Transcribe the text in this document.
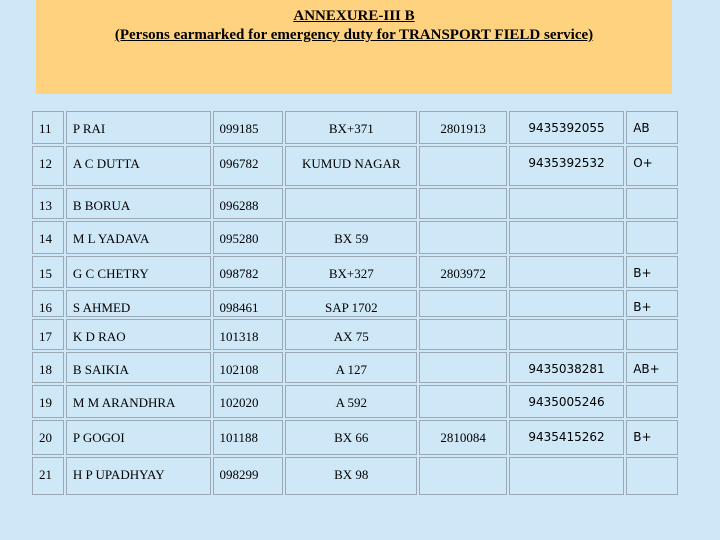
ANNEXURE-III B
(Persons earmarked for emergency duty for TRANSPORT FIELD service)
11	P RAI	099185	BX+371	2801913	9435392055	AB
12	A C DUTTA	096782	KUMUD NAGAR		9435392532	O+
13	B BORUA	096288				
14	M L YADAVA	095280	BX 59			
15	G C CHETRY	098782	BX+327	2803972		B+
16	S AHMED	098461	SAP 1702			B+
17	K D RAO	101318	AX 75			
18	B SAIKIA	102108	A 127		9435038281	AB+
19	M M ARANDHRA	102020	A 592		9435005246	
20	P GOGOI	101188	BX 66	2810084	9435415262	B+
21	H P UPADHYAY	098299	BX 98			
